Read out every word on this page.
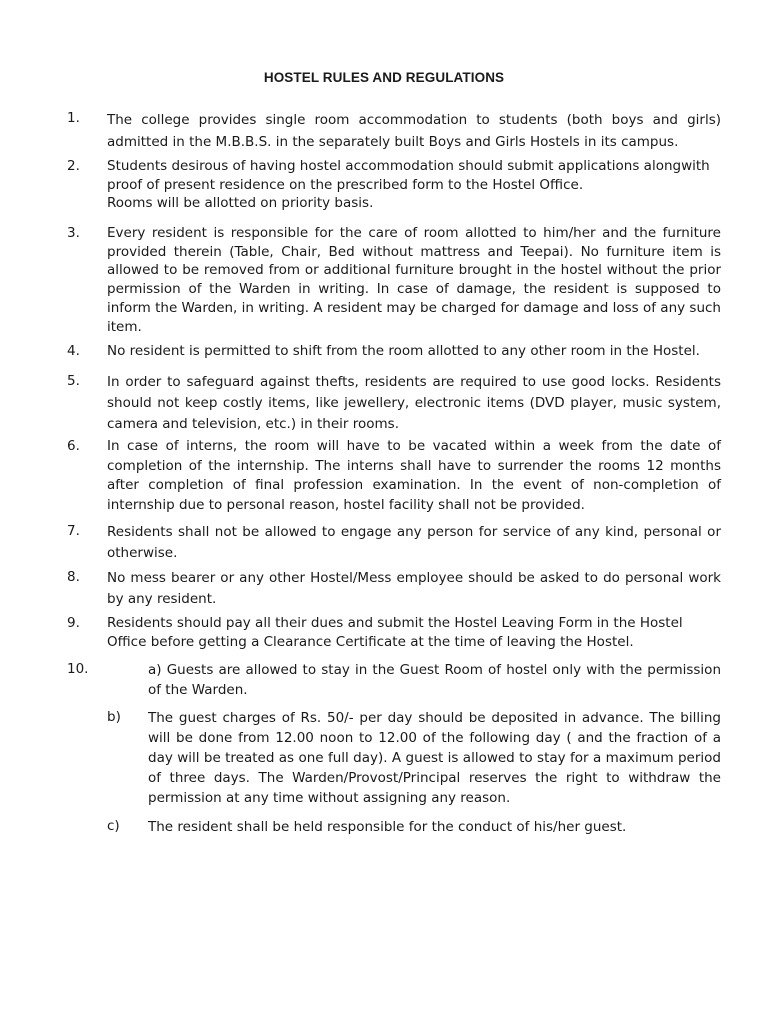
HOSTEL RULES AND REGULATIONS
1. The college provides single room accommodation to students (both boys and girls) admitted in the M.B.B.S. in the separately built Boys and Girls Hostels in its campus.

2. Students desirous of having hostel accommodation should submit applications alongwith proof of present residence on the prescribed form to the Hostel Office.

Rooms will be allotted on priority basis.

3. Every resident is responsible for the care of room allotted to him/her and the furniture provided therein (Table, Chair, Bed without mattress and Teepai). No furniture item is allowed to be removed from or additional furniture brought in the hostel without the prior permission of the Warden in writing. In case of damage, the resident is supposed to inform the Warden, in writing. A resident may be charged for damage and loss of any such item.

4. No resident is permitted to shift from the room allotted to any other room in the Hostel.

5. In order to safeguard against thefts, residents are required to use good locks. Residents should not keep costly items, like jewellery, electronic items (DVD player, music system, camera and television, etc.) in their rooms.

6. In case of interns, the room will have to be vacated within a week from the date of completion of the internship. The interns shall have to surrender the rooms 12 months after completion of final profession examination. In the event of non-completion of internship due to personal reason, hostel facility shall not be provided.

7. Residents shall not be allowed to engage any person for service of any kind, personal or otherwise.

8. No mess bearer or any other Hostel/Mess employee should be asked to do personal work by any resident.

9. Residents should pay all their dues and submit the Hostel Leaving Form in the Hostel Office before getting a Clearance Certificate at the time of leaving the Hostel.

10.	a) Guests are allowed to stay in the Guest Room of hostel only with the permission of the Warden.

b) The guest charges of Rs. 50/- per day should be deposited in advance. The billing will be done from 12.00 noon to 12.00 of the following day ( and the fraction of a day will be treated as one full day). A guest is allowed to stay for a maximum period of three days. The Warden/Provost/Principal reserves the right to withdraw the permission at any time without assigning any reason.

c) The resident shall be held responsible for the conduct of his/her guest.
